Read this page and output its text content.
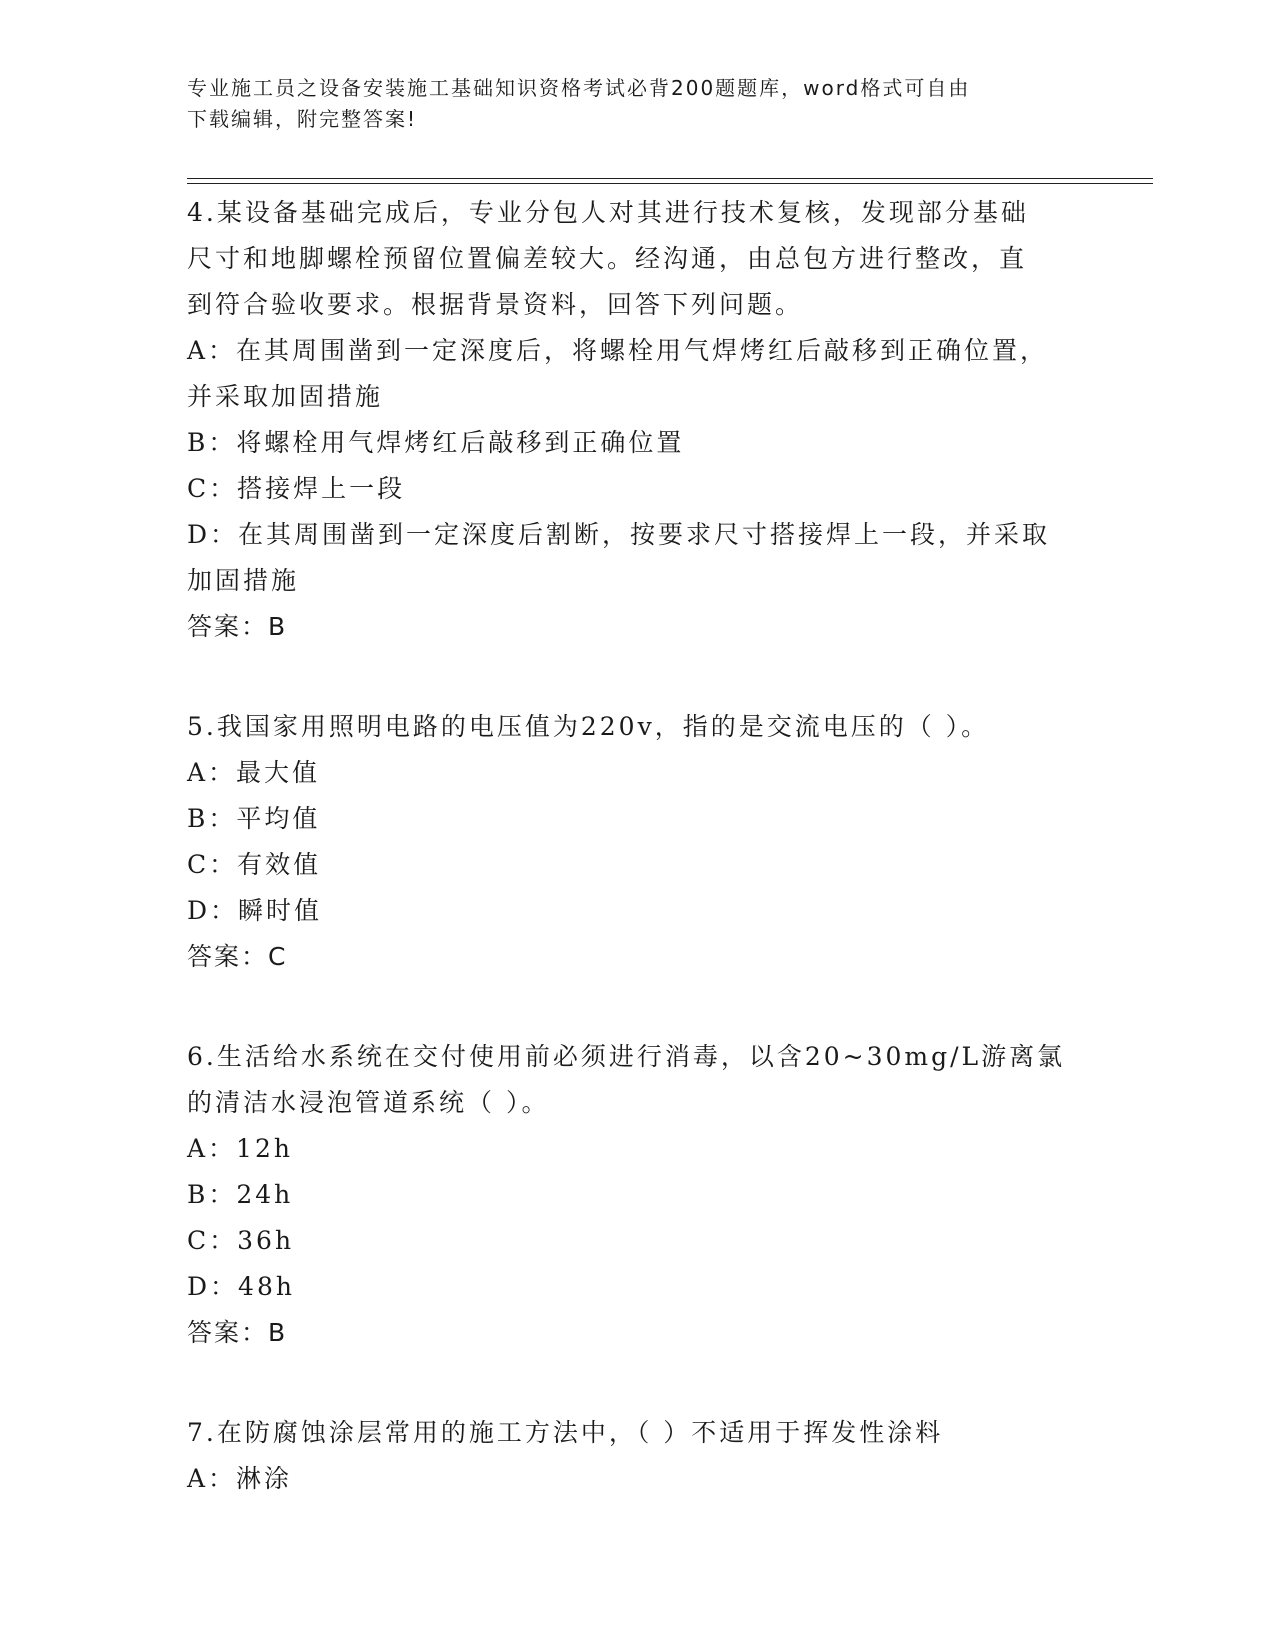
专业施工员之设备安装施工基础知识资格考试必背200题题库，word格式可自由
下载编辑，附完整答案!

4.某设备基础完成后，专业分包人对其进行技术复核，发现部分基础

尺寸和地脚螺栓预留位置偏差较大。经沟通，由总包方进行整改，直

到符合验收要求。根据背景资料，回答下列问题。

A：在其周围凿到一定深度后，将螺栓用气焊烤红后敲移到正确位置，

并采取加固措施

B：将螺栓用气焊烤红后敲移到正确位置

C：搭接焊上一段

D：在其周围凿到一定深度后割断，按要求尺寸搭接焊上一段，并采取

加固措施

答案：B

5.我国家用照明电路的电压值为220v，指的是交流电压的（ ）。

A：最大值

B：平均值

C：有效值

D：瞬时值

答案：C

6.生活给水系统在交付使用前必须进行消毒，以含20~30mg/L游离氯

的清洁水浸泡管道系统（ ）。

A：12h

B：24h

C：36h

D：48h

答案：B

7.在防腐蚀涂层常用的施工方法中，（ ）不适用于挥发性涂料

A：淋涂
